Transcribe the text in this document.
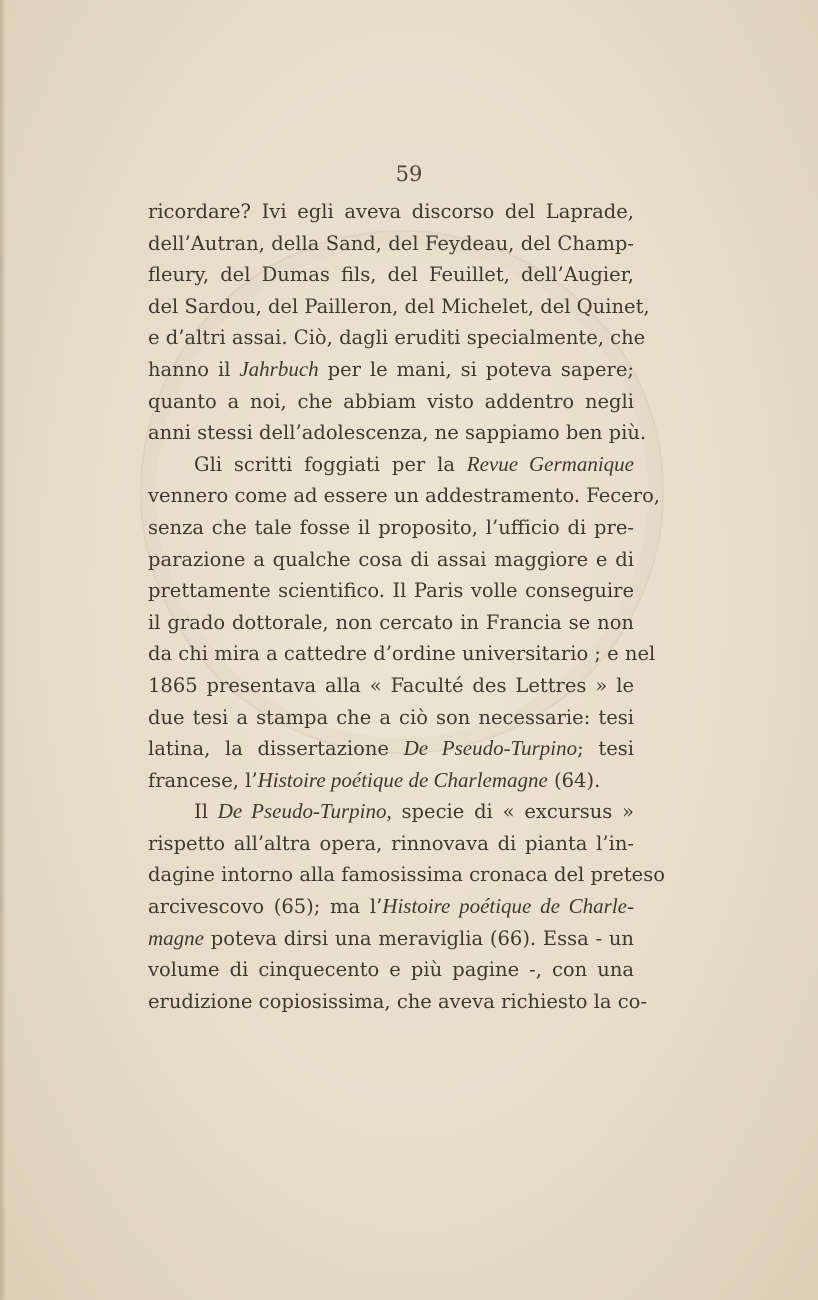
59
ricordare? Ivi egli aveva discorso del Laprade,
dell’Autran, della Sand, del Feydeau, del Champ-
fleury, del Dumas fils, del Feuillet, dell’Augier,
del Sardou, del Pailleron, del Michelet, del Quinet,
e d’altri assai. Ciò, dagli eruditi specialmente, che
hanno il Jahrbuch per le mani, si poteva sapere;
quanto a noi, che abbiam visto addentro negli
anni stessi dell’adolescenza, ne sappiamo ben più.
Gli scritti foggiati per la Revue Germanique
vennero come ad essere un addestramento. Fecero,
senza che tale fosse il proposito, l’ufficio di pre-
parazione a qualche cosa di assai maggiore e di
prettamente scientifico. Il Paris volle conseguire
il grado dottorale, non cercato in Francia se non
da chi mira a cattedre d’ordine universitario ; e nel
1865 presentava alla « Faculté des Lettres » le
due tesi a stampa che a ciò son necessarie: tesi
latina, la dissertazione De Pseudo-Turpino; tesi
francese, l’Histoire poétique de Charlemagne (64).
Il De Pseudo-Turpino, specie di « excursus »
rispetto all’altra opera, rinnovava di pianta l’in-
dagine intorno alla famosissima cronaca del preteso
arcivescovo (65); ma l’Histoire poétique de Charle-
magne poteva dirsi una meraviglia (66). Essa - un
volume di cinquecento e più pagine -, con una
erudizione copiosissima, che aveva richiesto la co-
